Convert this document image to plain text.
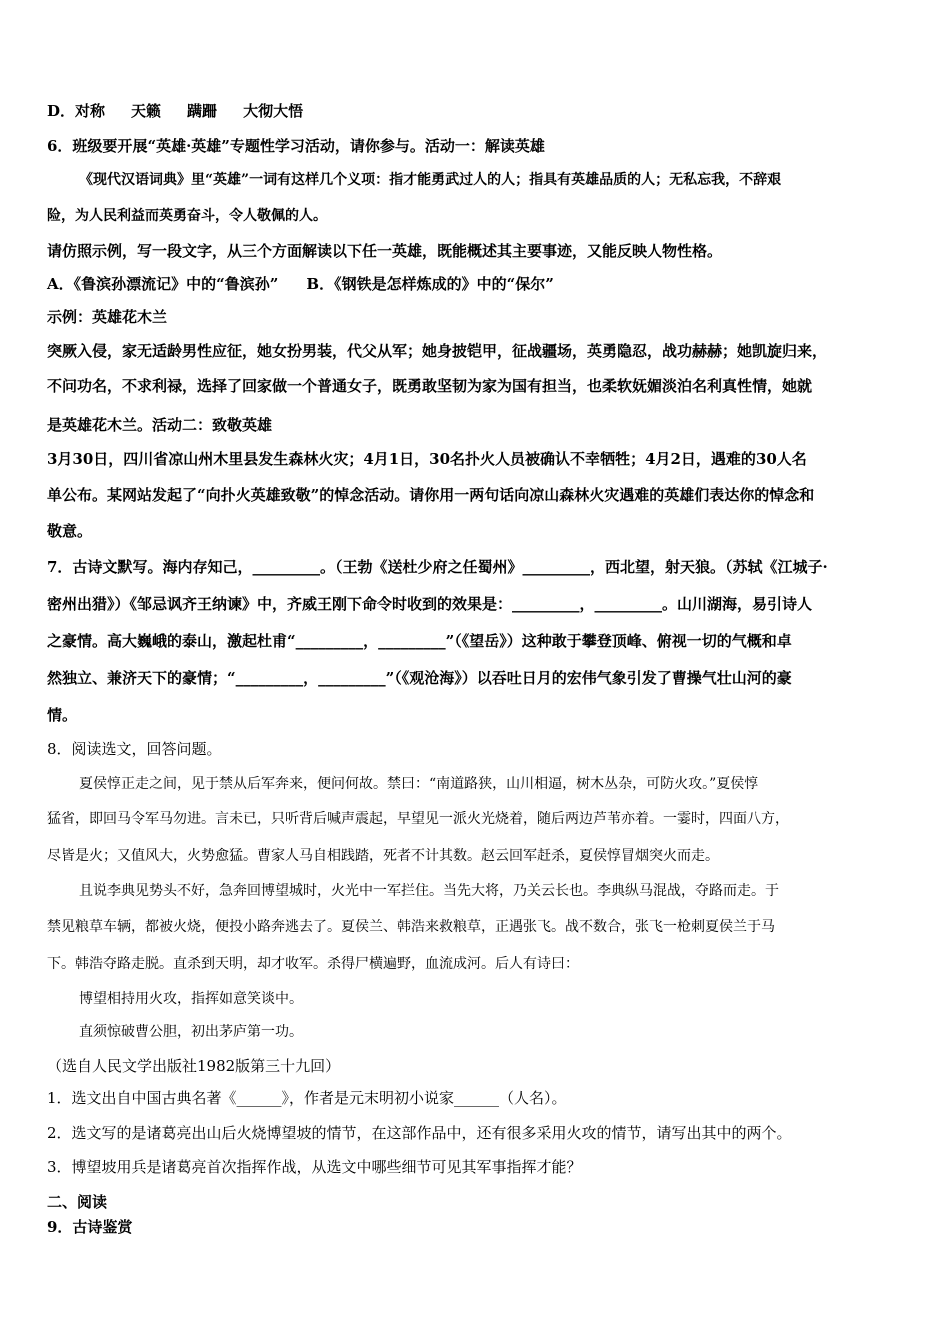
D．对称 天籁 蹒跚 大彻大悟
6．班级要开展“英雄·英雄”专题性学习活动，请你参与。活动一：解读英雄
《现代汉语词典》里“英雄”一词有这样几个义项：指才能勇武过人的人；指具有英雄品质的人；无私忘我，不辞艰
险，为人民利益而英勇奋斗，令人敬佩的人。
请仿照示例，写一段文字，从三个方面解读以下任一英雄，既能概述其主要事迹，又能反映人物性格。
A．《鲁滨孙漂流记》中的“鲁滨孙” B．《钢铁是怎样炼成的》中的“保尔”
示例：英雄花木兰
突厥入侵，家无适龄男性应征，她女扮男装，代父从军；她身披铠甲，征战疆场，英勇隐忍，战功赫赫；她凯旋归来，
不问功名，不求利禄，选择了回家做一个普通女子，既勇敢坚韧为家为国有担当，也柔软妩媚淡泊名利真性情，她就
是英雄花木兰。活动二：致敬英雄
3月30日，四川省凉山州木里县发生森林火灾；4月1日，30名扑火人员被确认不幸牺牲；4月2日，遇难的30人名
单公布。某网站发起了“向扑火英雄致敬”的悼念活动。请你用一两句话向凉山森林火灾遇难的英雄们表达你的悼念和
敬意。
7．古诗文默写。海内存知己，_________。（王勃《送杜少府之任蜀州》_________，西北望，射天狼。（苏轼《江城子·
密州出猎》）《邹忌讽齐王纳谏》中，齐威王刚下命令时收到的效果是：_________，_________。山川湖海，易引诗人
之豪情。高大巍峨的泰山，激起杜甫“_________，_________”（《望岳》）这种敢于攀登顶峰、俯视一切的气概和卓
然独立、兼济天下的豪情；“_________，_________”（《观沧海》）以吞吐日月的宏伟气象引发了曹操气壮山河的豪
情。
8．阅读选文，回答问题。
夏侯惇正走之间，见于禁从后军奔来，便问何故。禁曰：“南道路狭，山川相逼，树木丛杂，可防火攻。”夏侯惇
猛省，即回马令军马勿进。言未已，只听背后喊声震起，早望见一派火光烧着，随后两边芦苇亦着。一霎时，四面八方，
尽皆是火；又值风大，火势愈猛。曹家人马自相践踏，死者不计其数。赵云回军赶杀，夏侯惇冒烟突火而走。
且说李典见势头不好，急奔回博望城时，火光中一军拦住。当先大将，乃关云长也。李典纵马混战，夺路而走。于
禁见粮草车辆，都被火烧，便投小路奔逃去了。夏侯兰、韩浩来救粮草，正遇张飞。战不数合，张飞一枪刺夏侯兰于马
下。韩浩夺路走脱。直杀到天明，却才收军。杀得尸横遍野，血流成河。后人有诗曰：
博望相持用火攻，指挥如意笑谈中。
直须惊破曹公胆，初出茅庐第一功。
（选自人民文学出版社1982版第三十九回）
1．选文出自中国古典名著《______》，作者是元末明初小说家______（人名）。
2．选文写的是诸葛亮出山后火烧博望坡的情节，在这部作品中，还有很多采用火攻的情节，请写出其中的两个。
3．博望坡用兵是诸葛亮首次指挥作战，从选文中哪些细节可见其军事指挥才能？
二、阅读
9．古诗鉴赏
